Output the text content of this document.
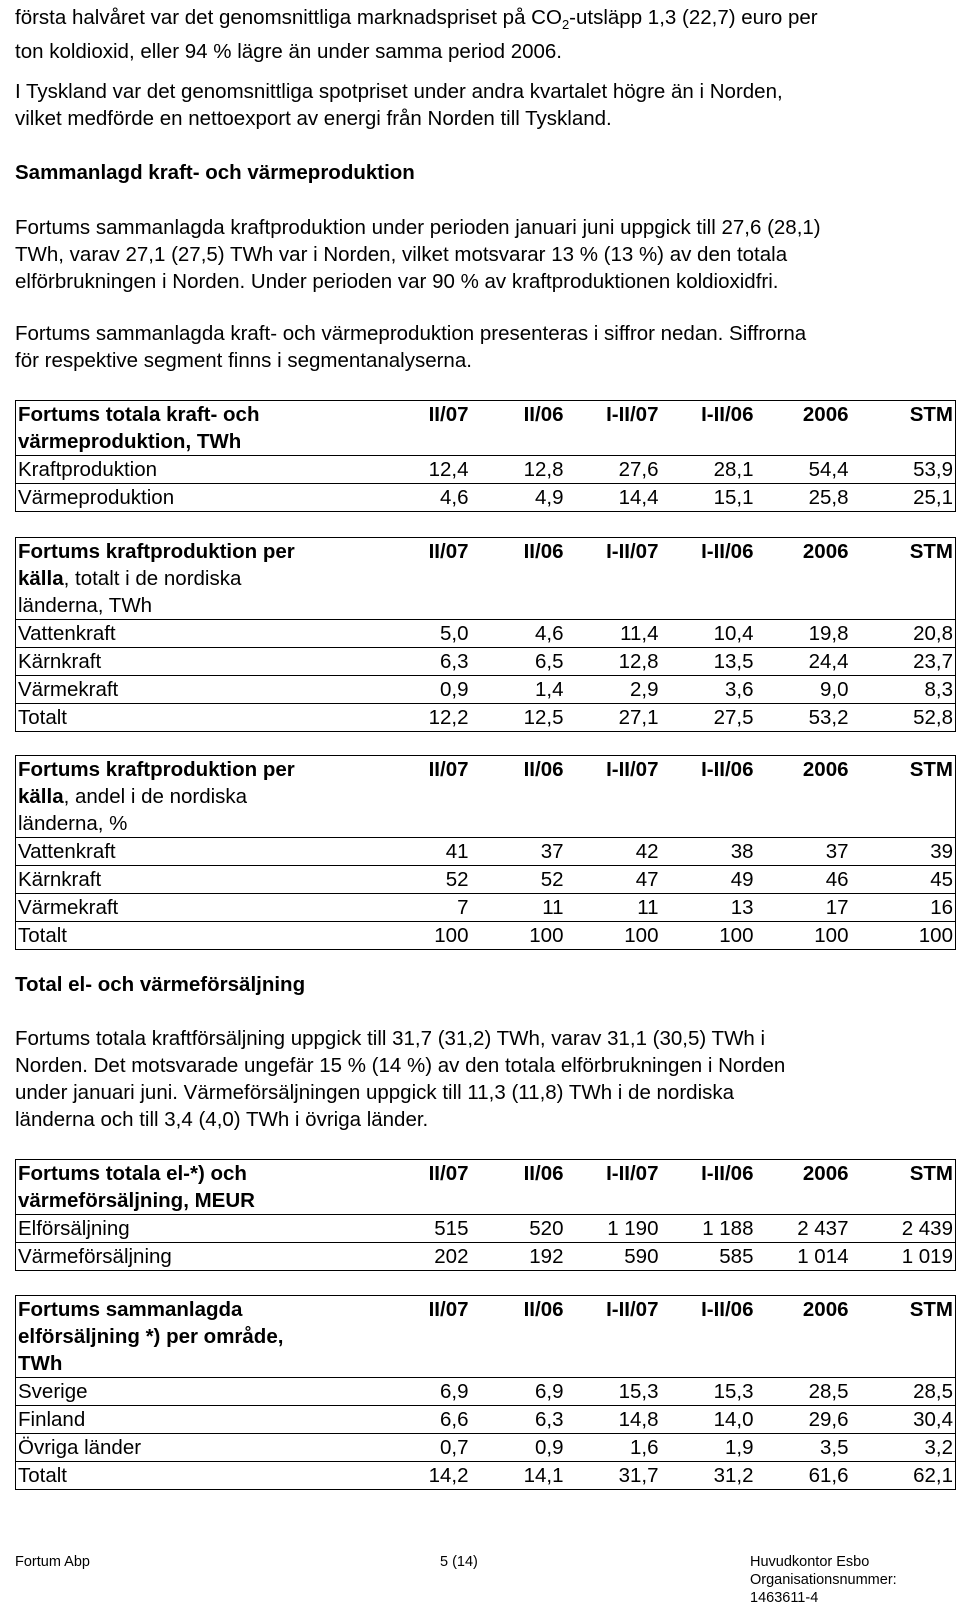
första halvåret var det genomsnittliga marknadspriset på $CO_2$-utsläpp 1,3 (22,7) euro per

ton koldioxid, eller 94 % lägre än under samma period 2006.

I Tyskland var det genomsnittliga spotpriset under andra kvartalet högre än i Norden,

vilket medförde en nettoexport av energi från Norden till Tyskland.

Sammanlagd kraft- och värmeproduktion

Fortums sammanlagda kraftproduktion under perioden januari juni uppgick till 27,6 (28,1)

TWh, varav 27,1 (27,5) TWh var i Norden, vilket motsvarar 13 % (13 %) av den totala

elförbrukningen i Norden. Under perioden var 90 % av kraftproduktionen koldioxidfri.

Fortums sammanlagda kraft- och värmeproduktion presenteras i siffror nedan. Siffrorna

för respektive segment finns i segmentanalyserna.

Fortums totala kraft- och
värmeproduktion, TWh	II/07	II/06	I-II/07	I-II/06	2006	STM
Kraftproduktion	12,4	12,8	27,6	28,1	54,4	53,9
Värmeproduktion	4,6	4,9	14,4	15,1	25,8	25,1
Fortums kraftproduktion per
källa, totalt i de nordiska
länderna, TWh	II/07	II/06	I-II/07	I-II/06	2006	STM
Vattenkraft	5,0	4,6	11,4	10,4	19,8	20,8
Kärnkraft	6,3	6,5	12,8	13,5	24,4	23,7
Värmekraft	0,9	1,4	2,9	3,6	9,0	8,3
Totalt	12,2	12,5	27,1	27,5	53,2	52,8
Fortums kraftproduktion per
källa, andel i de nordiska
länderna, %	II/07	II/06	I-II/07	I-II/06	2006	STM
Vattenkraft	41	37	42	38	37	39
Kärnkraft	52	52	47	49	46	45
Värmekraft	7	11	11	13	17	16
Totalt	100	100	100	100	100	100
Total el- och värmeförsäljning

Fortums totala kraftförsäljning uppgick till 31,7 (31,2) TWh, varav 31,1 (30,5) TWh i

Norden. Det motsvarade ungefär 15 % (14 %) av den totala elförbrukningen i Norden

under januari juni. Värmeförsäljningen uppgick till 11,3 (11,8) TWh i de nordiska

länderna och till 3,4 (4,0) TWh i övriga länder.

Fortums totala el-*) och
värmeförsäljning, MEUR	II/07	II/06	I-II/07	I-II/06	2006	STM
Elförsäljning	515	520	1 190	1 188	2 437	2 439
Värmeförsäljning	202	192	590	585	1 014	1 019
Fortums sammanlagda
elförsäljning *) per område,
TWh	II/07	II/06	I-II/07	I-II/06	2006	STM
Sverige	6,9	6,9	15,3	15,3	28,5	28,5
Finland	6,6	6,3	14,8	14,0	29,6	30,4
Övriga länder	0,7	0,9	1,6	1,9	3,5	3,2
Totalt	14,2	14,1	31,7	31,2	61,6	62,1
Fortum Abp	5 (14)	Huvudkontor Esbo
Organisationsnummer:
1463611-4
